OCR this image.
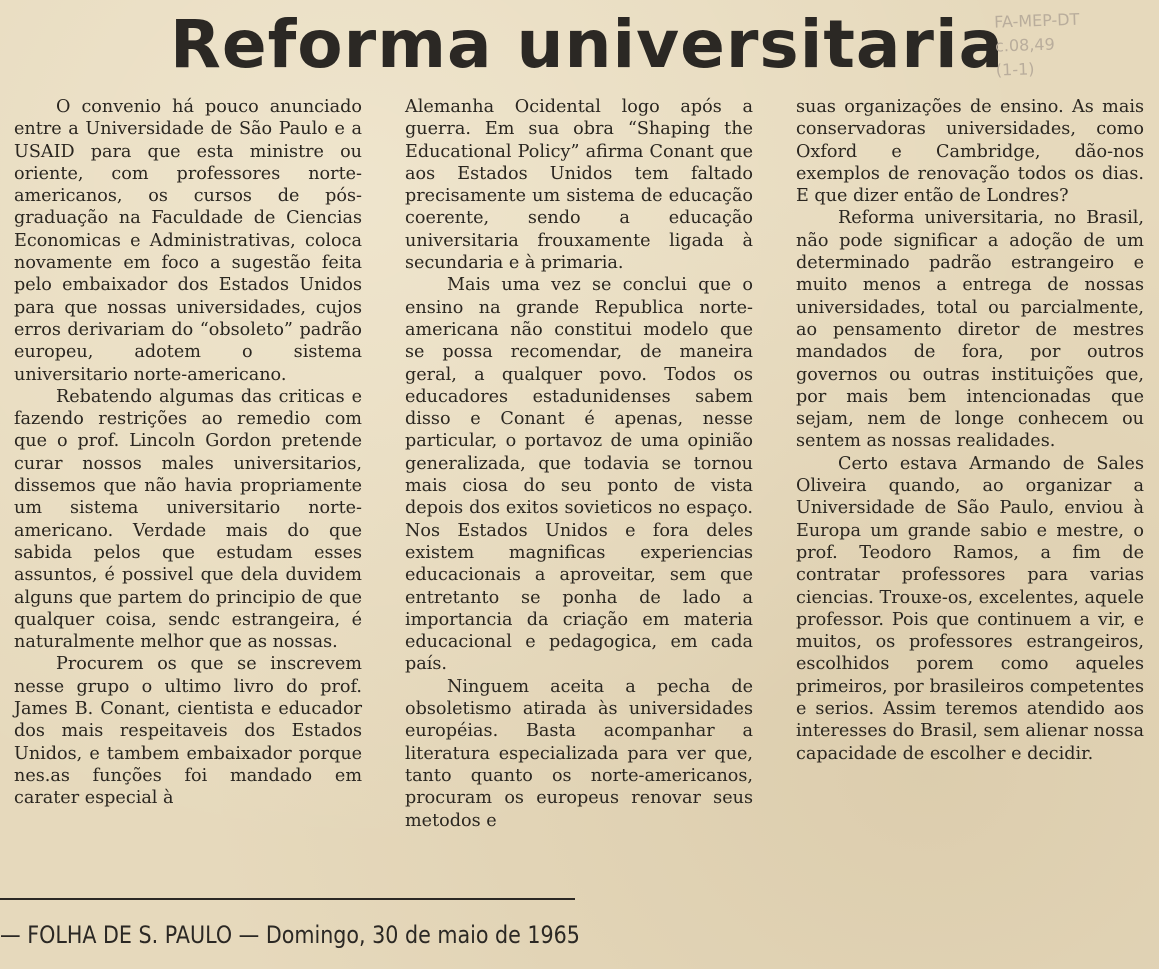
Reforma universitaria
FA-MEP-DT
c.08,49
(1-1)

O convenio há pouco anunciado entre a Universidade de São Paulo e a USAID para que esta ministre ou oriente, com professores norte-americanos, os cursos de pós-graduação na Faculdade de Ciencias Economicas e Administrativas, coloca novamente em foco a sugestão feita pelo embaixador dos Estados Unidos para que nossas universidades, cujos erros derivariam do “obsoleto” padrão europeu, adotem o sistema universitario norte-americano.

Rebatendo algumas das criticas e fazendo restrições ao remedio com que o prof. Lincoln Gordon pretende curar nossos males universitarios, dissemos que não havia propriamente um sistema universitario norte-americano. Verdade mais do que sabida pelos que estudam esses assuntos, é possivel que dela duvidem alguns que partem do principio de que qualquer coisa, sendc estrangeira, é naturalmente melhor que as nossas.

Procurem os que se inscrevem nesse grupo o ultimo livro do prof. James B. Conant, cientista e educador dos mais respeitaveis dos Estados Unidos, e tambem embaixador porque nes.as funções foi mandado em carater especial à

Alemanha Ocidental logo após a guerra. Em sua obra “Shaping the Educational Policy” afirma Conant que aos Estados Unidos tem faltado precisamente um sistema de educação coerente, sendo a educação universitaria frouxamente ligada à secundaria e à primaria.

Mais uma vez se conclui que o ensino na grande Republica norte-americana não constitui modelo que se possa recomendar, de maneira geral, a qualquer povo. Todos os educadores estadunidenses sabem disso e Conant é apenas, nesse particular, o portavoz de uma opinião generalizada, que todavia se tornou mais ciosa do seu ponto de vista depois dos exitos sovieticos no espaço. Nos Estados Unidos e fora deles existem magnificas experiencias educacionais a aproveitar, sem que entretanto se ponha de lado a importancia da criação em materia educacional e pedagogica, em cada país.

Ninguem aceita a pecha de obsoletismo atirada às universidades européias. Basta acompanhar a literatura especializada para ver que, tanto quanto os norte-americanos, procuram os europeus renovar seus metodos e

suas organizações de ensino. As mais conservadoras universidades, como Oxford e Cambridge, dão-nos exemplos de renovação todos os dias. E que dizer então de Londres?

Reforma universitaria, no Brasil, não pode significar a adoção de um determinado padrão estrangeiro e muito menos a entrega de nossas universidades, total ou parcialmente, ao pensamento diretor de mestres mandados de fora, por outros governos ou outras instituições que, por mais bem intencionadas que sejam, nem de longe conhecem ou sentem as nossas realidades.

Certo estava Armando de Sales Oliveira quando, ao organizar a Universidade de São Paulo, enviou à Europa um grande sabio e mestre, o prof. Teodoro Ramos, a fim de contratar professores para varias ciencias. Trouxe-os, excelentes, aquele professor. Pois que continuem a vir, e muitos, os professores estrangeiros, escolhidos porem como aqueles primeiros, por brasileiros competentes e serios. Assim teremos atendido aos interesses do Brasil, sem alienar nossa capacidade de escolher e decidir.

— FOLHA DE S. PAULO — Domingo, 30 de maio de 1965
